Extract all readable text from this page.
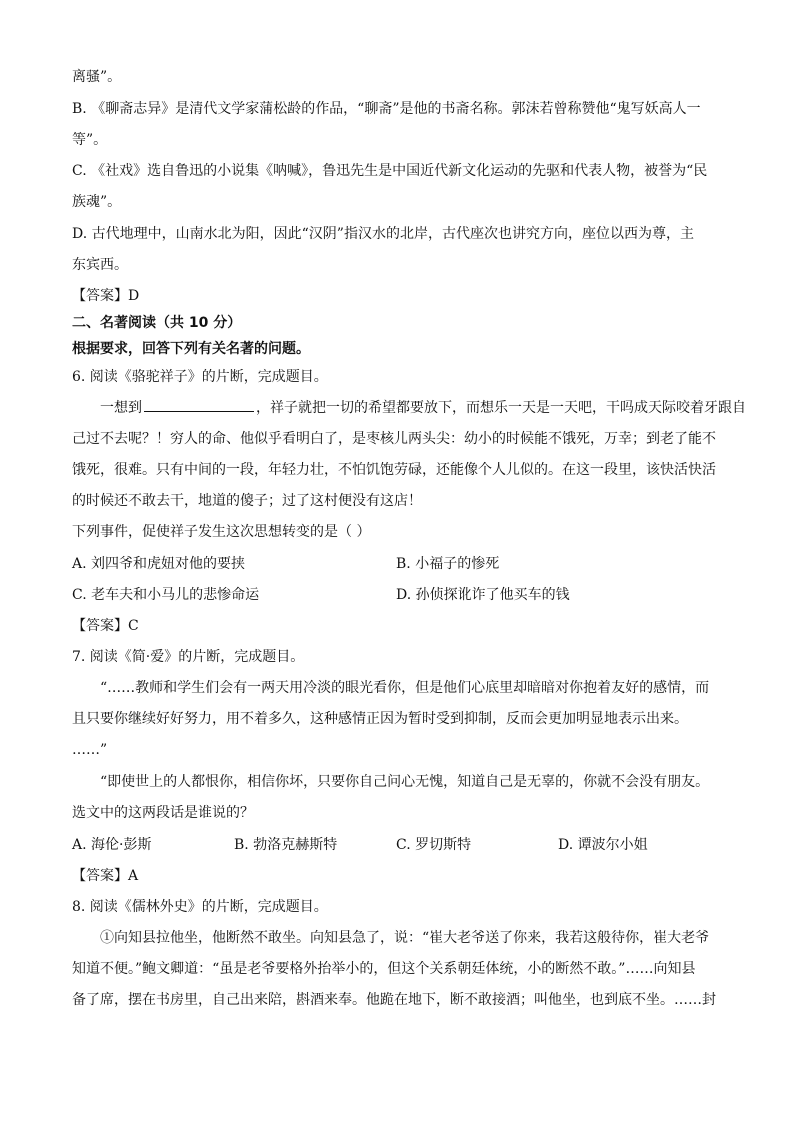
离骚”。
B. 《聊斋志异》是清代文学家蒲松龄的作品，“聊斋”是他的书斋名称。郭沫若曾称赞他“鬼写妖高人一
等”。
C. 《社戏》选自鲁迅的小说集《呐喊》，鲁迅先生是中国近代新文化运动的先驱和代表人物，被誉为“民
族魂”。
D. 古代地理中，山南水北为阳，因此“汉阴”指汉水的北岸，古代座次也讲究方向，座位以西为尊，主
东宾西。
【答案】D
二、名著阅读（共 10 分）
根据要求，回答下列有关名著的问题。
6. 阅读《骆驼祥子》的片断，完成题目。
一想到	，祥子就把一切的希望都要放下，而想乐一天是一天吧，干吗成天际咬着牙跟自
己过不去呢？！穷人的命、他似乎看明白了，是枣核儿两头尖：幼小的时候能不饿死，万幸；到老了能不
饿死，很难。只有中间的一段，年轻力壮，不怕饥饱劳碌，还能像个人儿似的。在这一段里，该快活快活
的时候还不敢去干，地道的傻子；过了这村便没有这店！
下列事件，促使祥子发生这次思想转变的是（ ）
A. 刘四爷和虎妞对他的要挟	B. 小福子的惨死
C. 老车夫和小马儿的悲惨命运	D. 孙侦探讹诈了他买车的钱
【答案】C
7. 阅读《简·爱》的片断，完成题目。
“……教师和学生们会有一两天用冷淡的眼光看你，但是他们心底里却暗暗对你抱着友好的感情，而
且只要你继续好好努力，用不着多久，这种感情正因为暂时受到抑制，反而会更加明显地表示出来。
……”
“即使世上的人都恨你，相信你坏，只要你自己问心无愧，知道自己是无辜的，你就不会没有朋友。
选文中的这两段话是谁说的？
A. 海伦·彭斯	B. 勃洛克赫斯特	C. 罗切斯特	D. 谭波尔小姐
【答案】A
8. 阅读《儒林外史》的片断，完成题目。
①向知县拉他坐，他断然不敢坐。向知县急了，说：“崔大老爷送了你来，我若这般待你，崔大老爷
知道不便。”鲍文卿道：“虽是老爷要格外抬举小的，但这个关系朝廷体统，小的断然不敢。”……向知县
备了席，摆在书房里，自己出来陪，斟酒来奉。他跪在地下，断不敢接酒；叫他坐，也到底不坐。……封
